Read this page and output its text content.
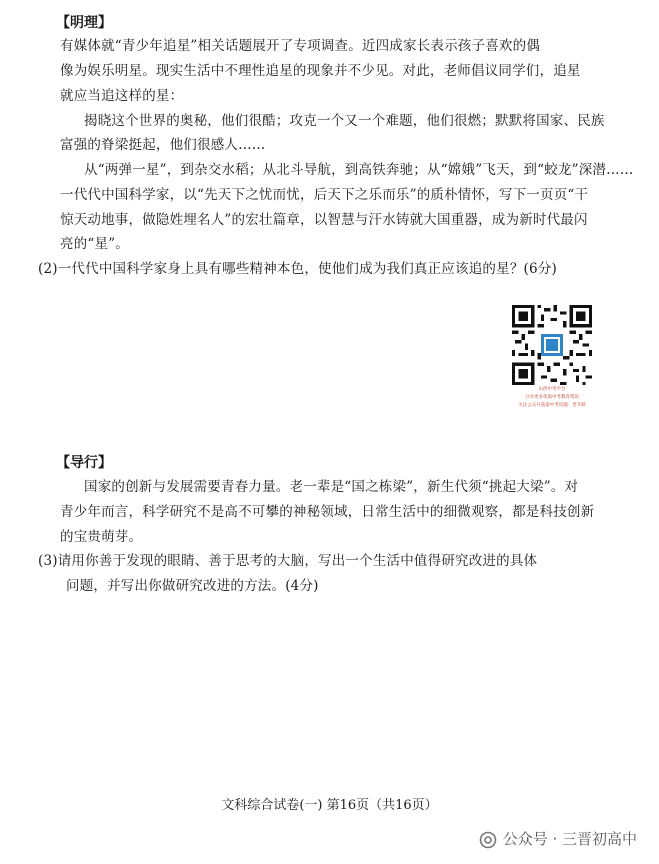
【明理】
有媒体就“青少年追星”相关话题展开了专项调查。近四成家长表示孩子喜欢的偶
像为娱乐明星。现实生活中不理性追星的现象并不少见。对此，老师倡议同学们，追星
就应当追这样的星：
揭晓这个世界的奥秘，他们很酷；攻克一个又一个难题，他们很燃；默默将国家、民族
富强的脊梁挺起，他们很感人……
从“两弹一星”，到杂交水稻；从北斗导航，到高铁奔驰；从“嫦娥”飞天，到“蛟龙”深潜……
一代代中国科学家，以“先天下之忧而忧，后天下之乐而乐”的质朴情怀，写下一页页“干
惊天动地事，做隐姓埋名人”的宏壮篇章，以智慧与汗水铸就大国重器，成为新时代最闪
亮的“星”。
(2)一代代中国科学家身上具有哪些精神本色，使他们成为我们真正应该追的星？(6分)
山西中考平台
分享更多优质中考教育资讯
关注公众号获取中考试题：晋升路
【导行】
国家的创新与发展需要青春力量。老一辈是“国之栋梁”，新生代须“挑起大梁”。对
青少年而言，科学研究不是高不可攀的神秘领域，日常生活中的细微观察，都是科技创新
的宝贵萌芽。
(3)请用你善于发现的眼睛、善于思考的大脑，写出一个生活中值得研究改进的具体
问题，并写出你做研究改进的方法。(4分)
文科综合试卷(一) 第16页（共16页）
公众号 · 三晋初高中
